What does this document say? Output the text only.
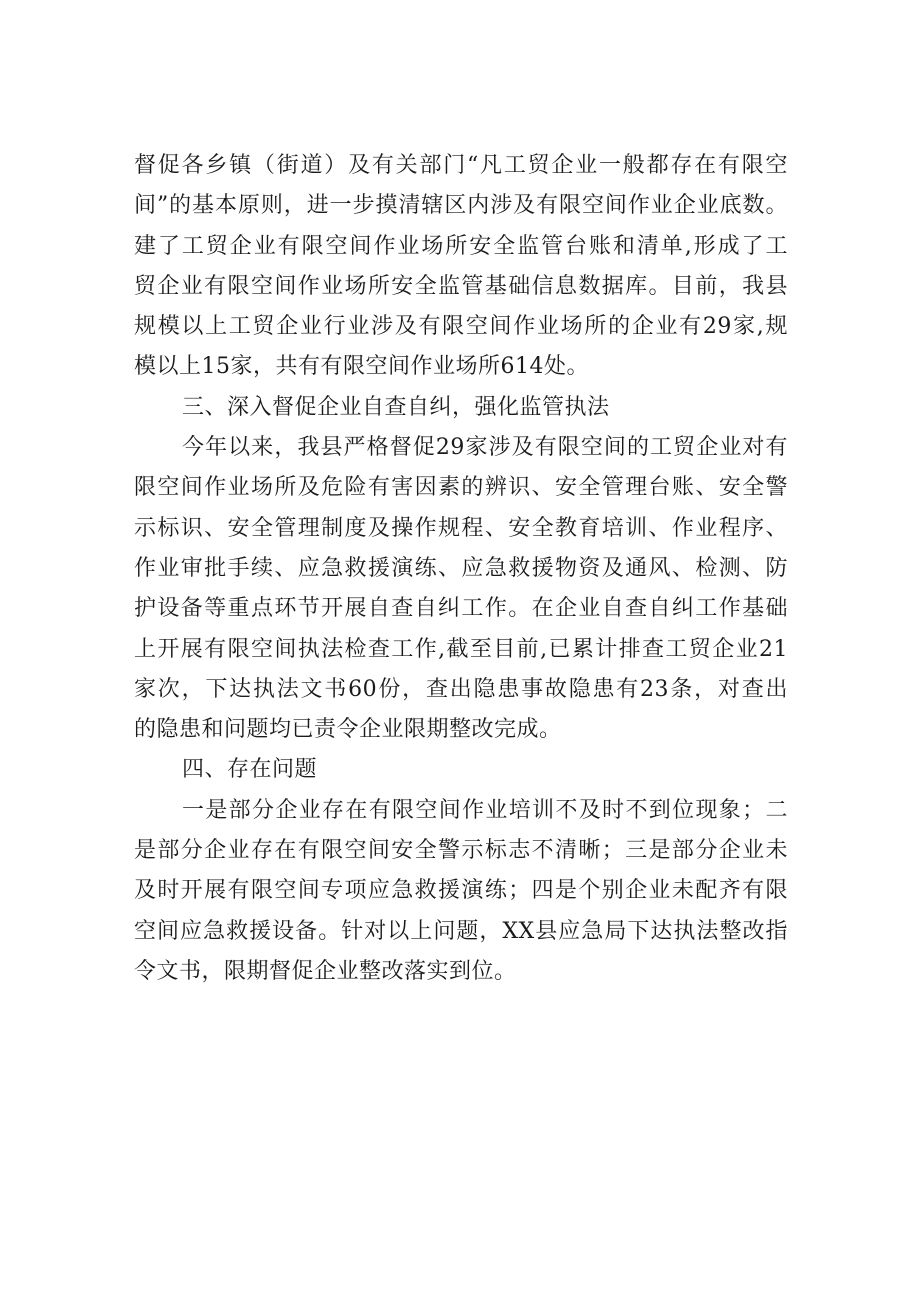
督促各乡镇（街道）及有关部门“凡工贸企业一般都存在有限空
间”的基本原则，进一步摸清辖区内涉及有限空间作业企业底数。
建了工贸企业有限空间作业场所安全监管台账和清单,形成了工
贸企业有限空间作业场所安全监管基础信息数据库。目前，我县
规模以上工贸企业行业涉及有限空间作业场所的企业有29家,规
模以上15家，共有有限空间作业场所614处。
三、深入督促企业自查自纠，强化监管执法
今年以来，我县严格督促29家涉及有限空间的工贸企业对有
限空间作业场所及危险有害因素的辨识、安全管理台账、安全警
示标识、安全管理制度及操作规程、安全教育培训、作业程序、
作业审批手续、应急救援演练、应急救援物资及通风、检测、防
护设备等重点环节开展自查自纠工作。在企业自查自纠工作基础
上开展有限空间执法检查工作,截至目前,已累计排查工贸企业21
家次，下达执法文书60份，查出隐患事故隐患有23条，对查出
的隐患和问题均已责令企业限期整改完成。
四、存在问题
一是部分企业存在有限空间作业培训不及时不到位现象；二
是部分企业存在有限空间安全警示标志不清晰；三是部分企业未
及时开展有限空间专项应急救援演练；四是个别企业未配齐有限
空间应急救援设备。针对以上问题，XX县应急局下达执法整改指
令文书，限期督促企业整改落实到位。
